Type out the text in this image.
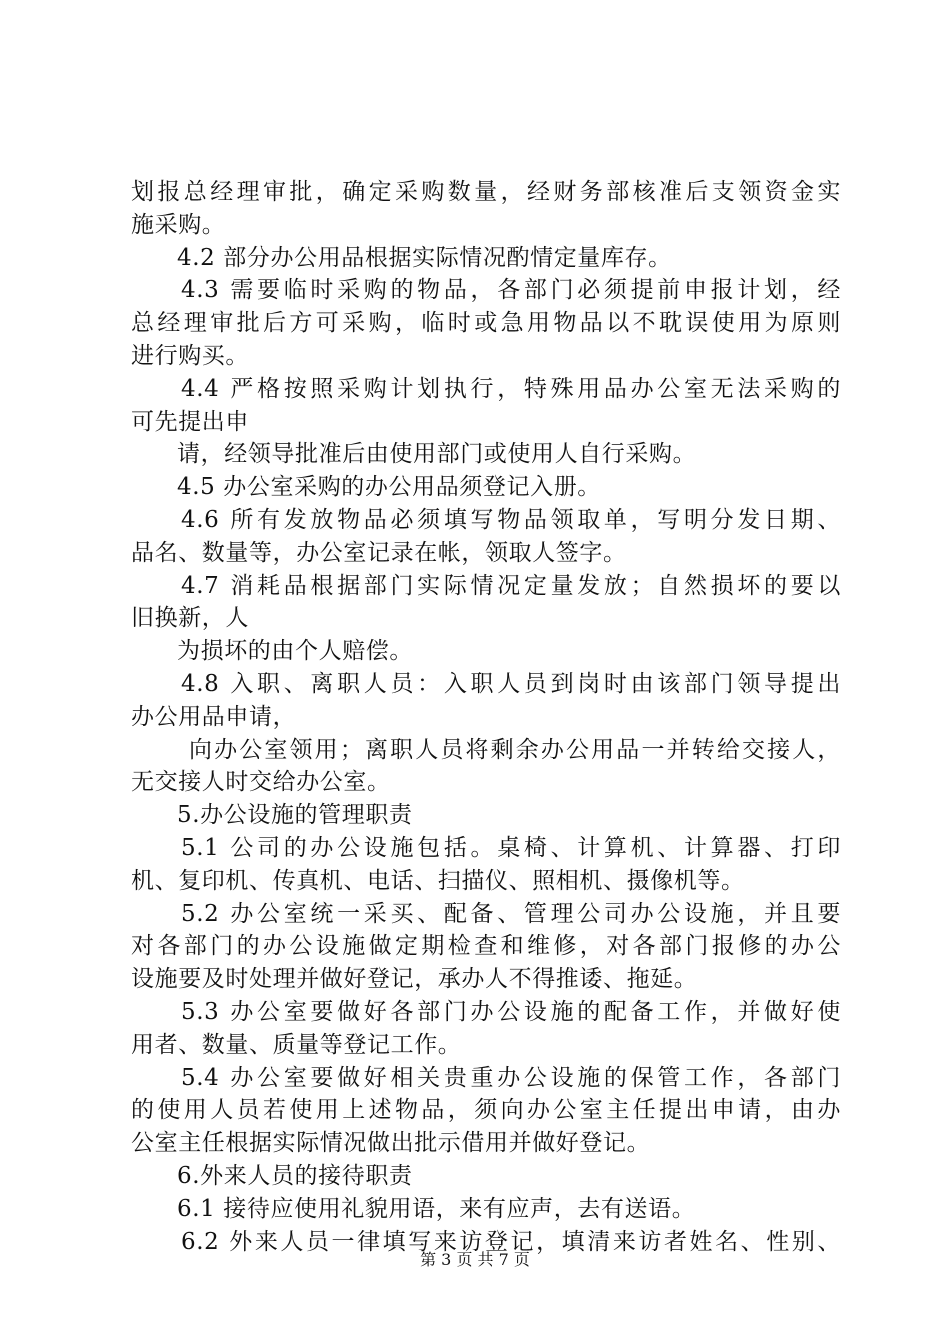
划报总经理审批，确定采购数量，经财务部核准后支领资金实
施采购。
4.2 部分办公用品根据实际情况酌情定量库存。
4.3 需要临时采购的物品，各部门必须提前申报计划，经
总经理审批后方可采购，临时或急用物品以不耽误使用为原则
进行购买。
4.4 严格按照采购计划执行，特殊用品办公室无法采购的
可先提出申
请，经领导批准后由使用部门或使用人自行采购。
4.5 办公室采购的办公用品须登记入册。
4.6 所有发放物品必须填写物品领取单，写明分发日期、
品名、数量等，办公室记录在帐，领取人签字。
4.7 消耗品根据部门实际情况定量发放；自然损坏的要以
旧换新，人
为损坏的由个人赔偿。
4.8 入职、离职人员：入职人员到岗时由该部门领导提出
办公用品申请，
向办公室领用；离职人员将剩余办公用品一并转给交接人，
无交接人时交给办公室。
5.办公设施的管理职责
5.1 公司的办公设施包括。桌椅、计算机、计算器、打印
机、复印机、传真机、电话、扫描仪、照相机、摄像机等。
5.2 办公室统一采买、配备、管理公司办公设施，并且要
对各部门的办公设施做定期检查和维修，对各部门报修的办公
设施要及时处理并做好登记，承办人不得推诿、拖延。
5.3 办公室要做好各部门办公设施的配备工作，并做好使
用者、数量、质量等登记工作。
5.4 办公室要做好相关贵重办公设施的保管工作，各部门
的使用人员若使用上述物品，须向办公室主任提出申请，由办
公室主任根据实际情况做出批示借用并做好登记。
6.外来人员的接待职责
6.1 接待应使用礼貌用语，来有应声，去有送语。
6.2 外来人员一律填写来访登记，填清来访者姓名、性别、
第 3 页 共 7 页
